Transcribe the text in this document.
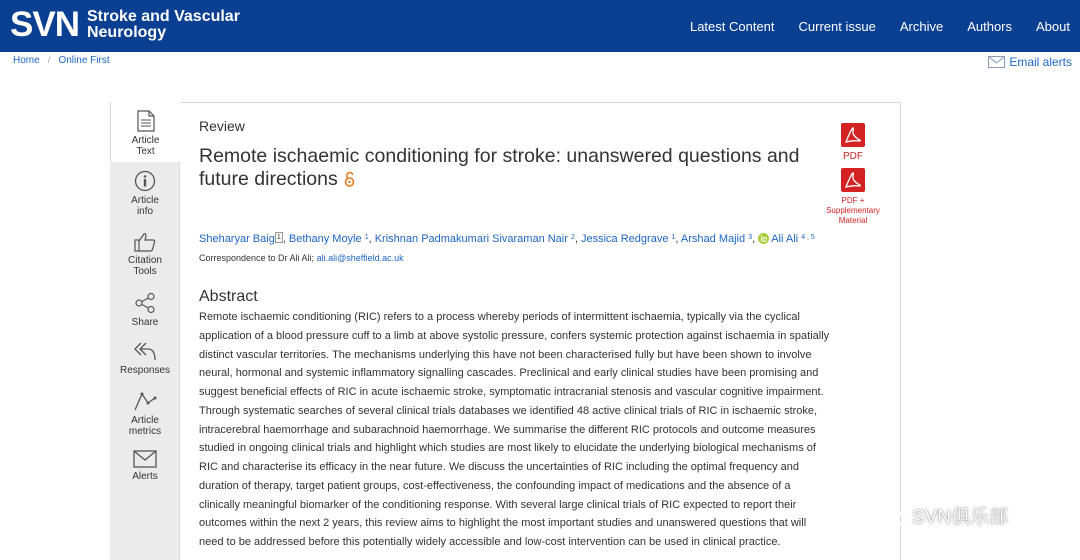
SVN Stroke and Vascular
Neurology	Latest Content Current issue Archive Authors About
Home / Online First	Email alerts
Article
Text
Article
info
Citation
Tools
Share
Responses
Article
metrics
Alerts
Review
Remote ischaemic conditioning for stroke: unanswered questions and
future directions
PDF
PDF +
Supplementary
Material
Sheharyar Baig 1 , Bethany Moyle $^1$, Krishnan Padmakumari Sivaraman Nair $^2$, Jessica Redgrave $^1$, Arshad Majid $^3$, Ali Ali $^{4 , 5}$
Correspondence to Dr Ali Ali; ali.ali@sheffield.ac.uk
Abstract
Remote ischaemic conditioning (RIC) refers to a process whereby periods of intermittent ischaemia, typically via the cyclical
application of a blood pressure cuff to a limb at above systolic pressure, confers systemic protection against ischaemia in spatially
distinct vascular territories. The mechanisms underlying this have not been characterised fully but have been shown to involve
neural, hormonal and systemic inflammatory signalling cascades. Preclinical and early clinical studies have been promising and
suggest beneficial effects of RIC in acute ischaemic stroke, symptomatic intracranial stenosis and vascular cognitive impairment.
Through systematic searches of several clinical trials databases we identified 48 active clinical trials of RIC in ischaemic stroke,
intracerebral haemorrhage and subarachnoid haemorrhage. We summarise the different RIC protocols and outcome measures
studied in ongoing clinical trials and highlight which studies are most likely to elucidate the underlying biological mechanisms of
RIC and characterise its efficacy in the near future. We discuss the uncertainties of RIC including the optimal frequency and
duration of therapy, target patient groups, cost-effectiveness, the confounding impact of medications and the absence of a
clinically meaningful biomarker of the conditioning response. With several large clinical trials of RIC expected to report their
outcomes within the next 2 years, this review aims to highlight the most important studies and unanswered questions that will
need to be addressed before this potentially widely accessible and low-cost intervention can be used in clinical practice.
SVN俱乐部
